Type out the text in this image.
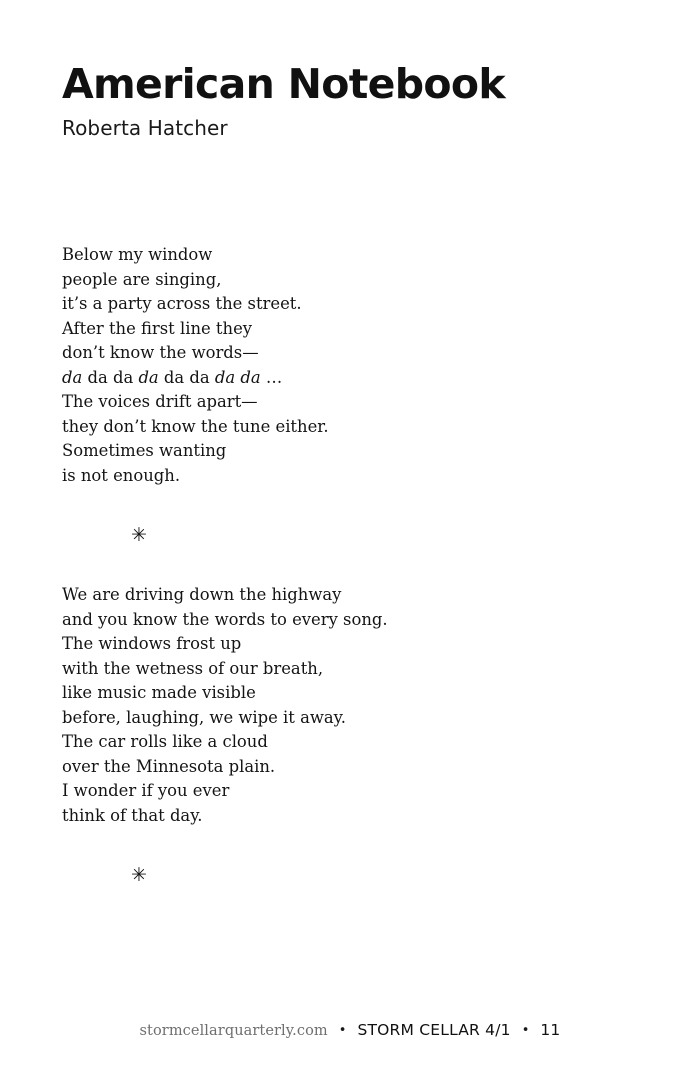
American Notebook

Roberta Hatcher

Below my window
people are singing,
it’s a party across the street.
After the first line they
don’t know the words—
da da da da da da da da …
The voices drift apart—
they don’t know the tune either.
Sometimes wanting
is not enough.
✳
We are driving down the highway
and you know the words to every song.
The windows frost up
with the wetness of our breath,
like music made visible
before, laughing, we wipe it away.
The car rolls like a cloud
over the Minnesota plain.
I wonder if you ever
think of that day.
✳
stormcellarquarterly.com • STORM CELLAR 4/1 • 11
